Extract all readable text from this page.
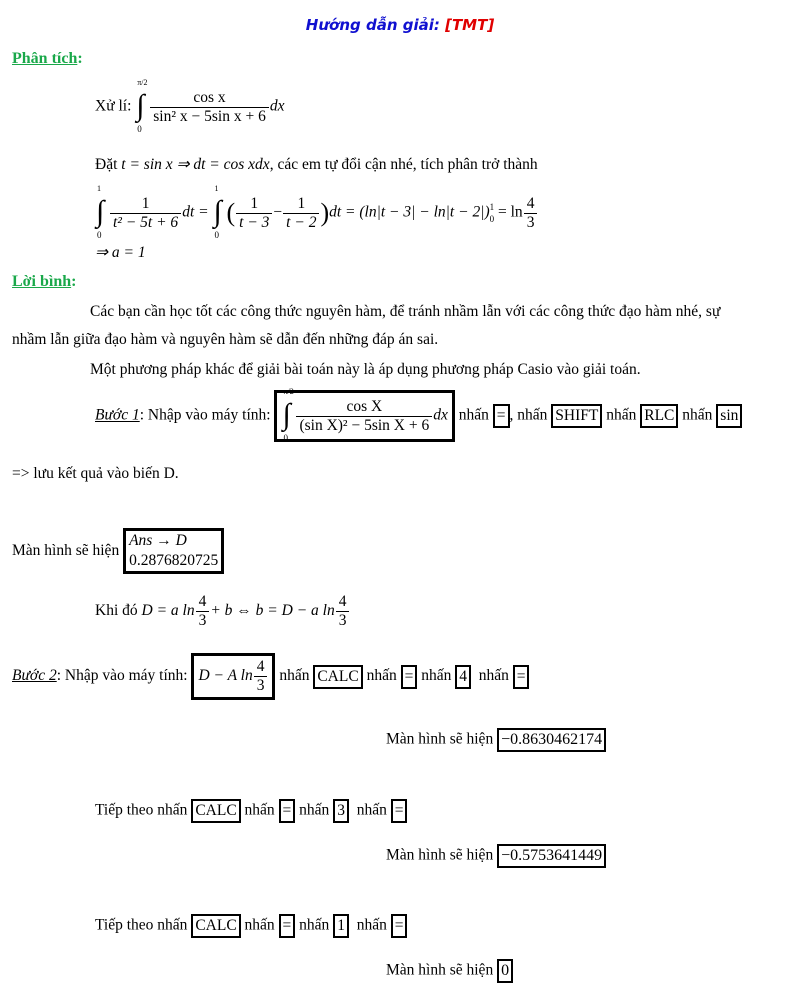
Hướng dẫn giải: [TMT]
Phân tích:
Xử lí:
π/2
∫
0
$\frac{\text{cos x}}{\text{sin² x − 5sin x + 6}}$ dx
Đặt t = sin x ⇒ dt = cos xdx, các em tự đổi cận nhé, tích phân trở thành
1
∫
0
$\frac{1}{\text{t² − 5t + 6}}$ dt =
1
∫
0
( $\frac{1}{t - 3} - \frac{1}{t - 2} )dt = (\ln|t - 3| - \ln|t - 2|)$ 1
$0 = \ln \frac{4}{3}$
⇒ a = 1
Lời bình:
Các bạn cần học tốt các công thức nguyên hàm, để tránh nhầm lẫn với các công thức đạo hàm nhé, sự
nhầm lẫn giữa đạo hàm và nguyên hàm sẽ dẫn đến những đáp án sai.
Một phương pháp khác để giải bài toán này là áp dụng phương pháp Casio vào giải toán.
Bước 1: Nhập vào máy tính:
π/2
∫
0
$\frac{\text{cos X}}{\text{(sin X)² − 5sin X + 6}}$ dx nhấn = , nhấn SHIFT nhấn RLC nhấn sin
=> lưu kết quả vào biến D.
Màn hình sẽ hiện
Ans → D
0.2876820725
Khi đó D = a $\ln \frac{4}{3} + b$ ⇔ b = D − a $\ln \frac{4}{3}$
Bước 2: Nhập vào máy tính: D − A $\ln \frac{4}{3}$ nhấn CALC nhấn = nhấn 4 nhấn =
Màn hình sẽ hiện −0.8630462174
Tiếp theo nhấn CALC nhấn = nhấn 3 nhấn =
Màn hình sẽ hiện −0.5753641449
Tiếp theo nhấn CALC nhấn = nhấn 1 nhấn =
Màn hình sẽ hiện 0
